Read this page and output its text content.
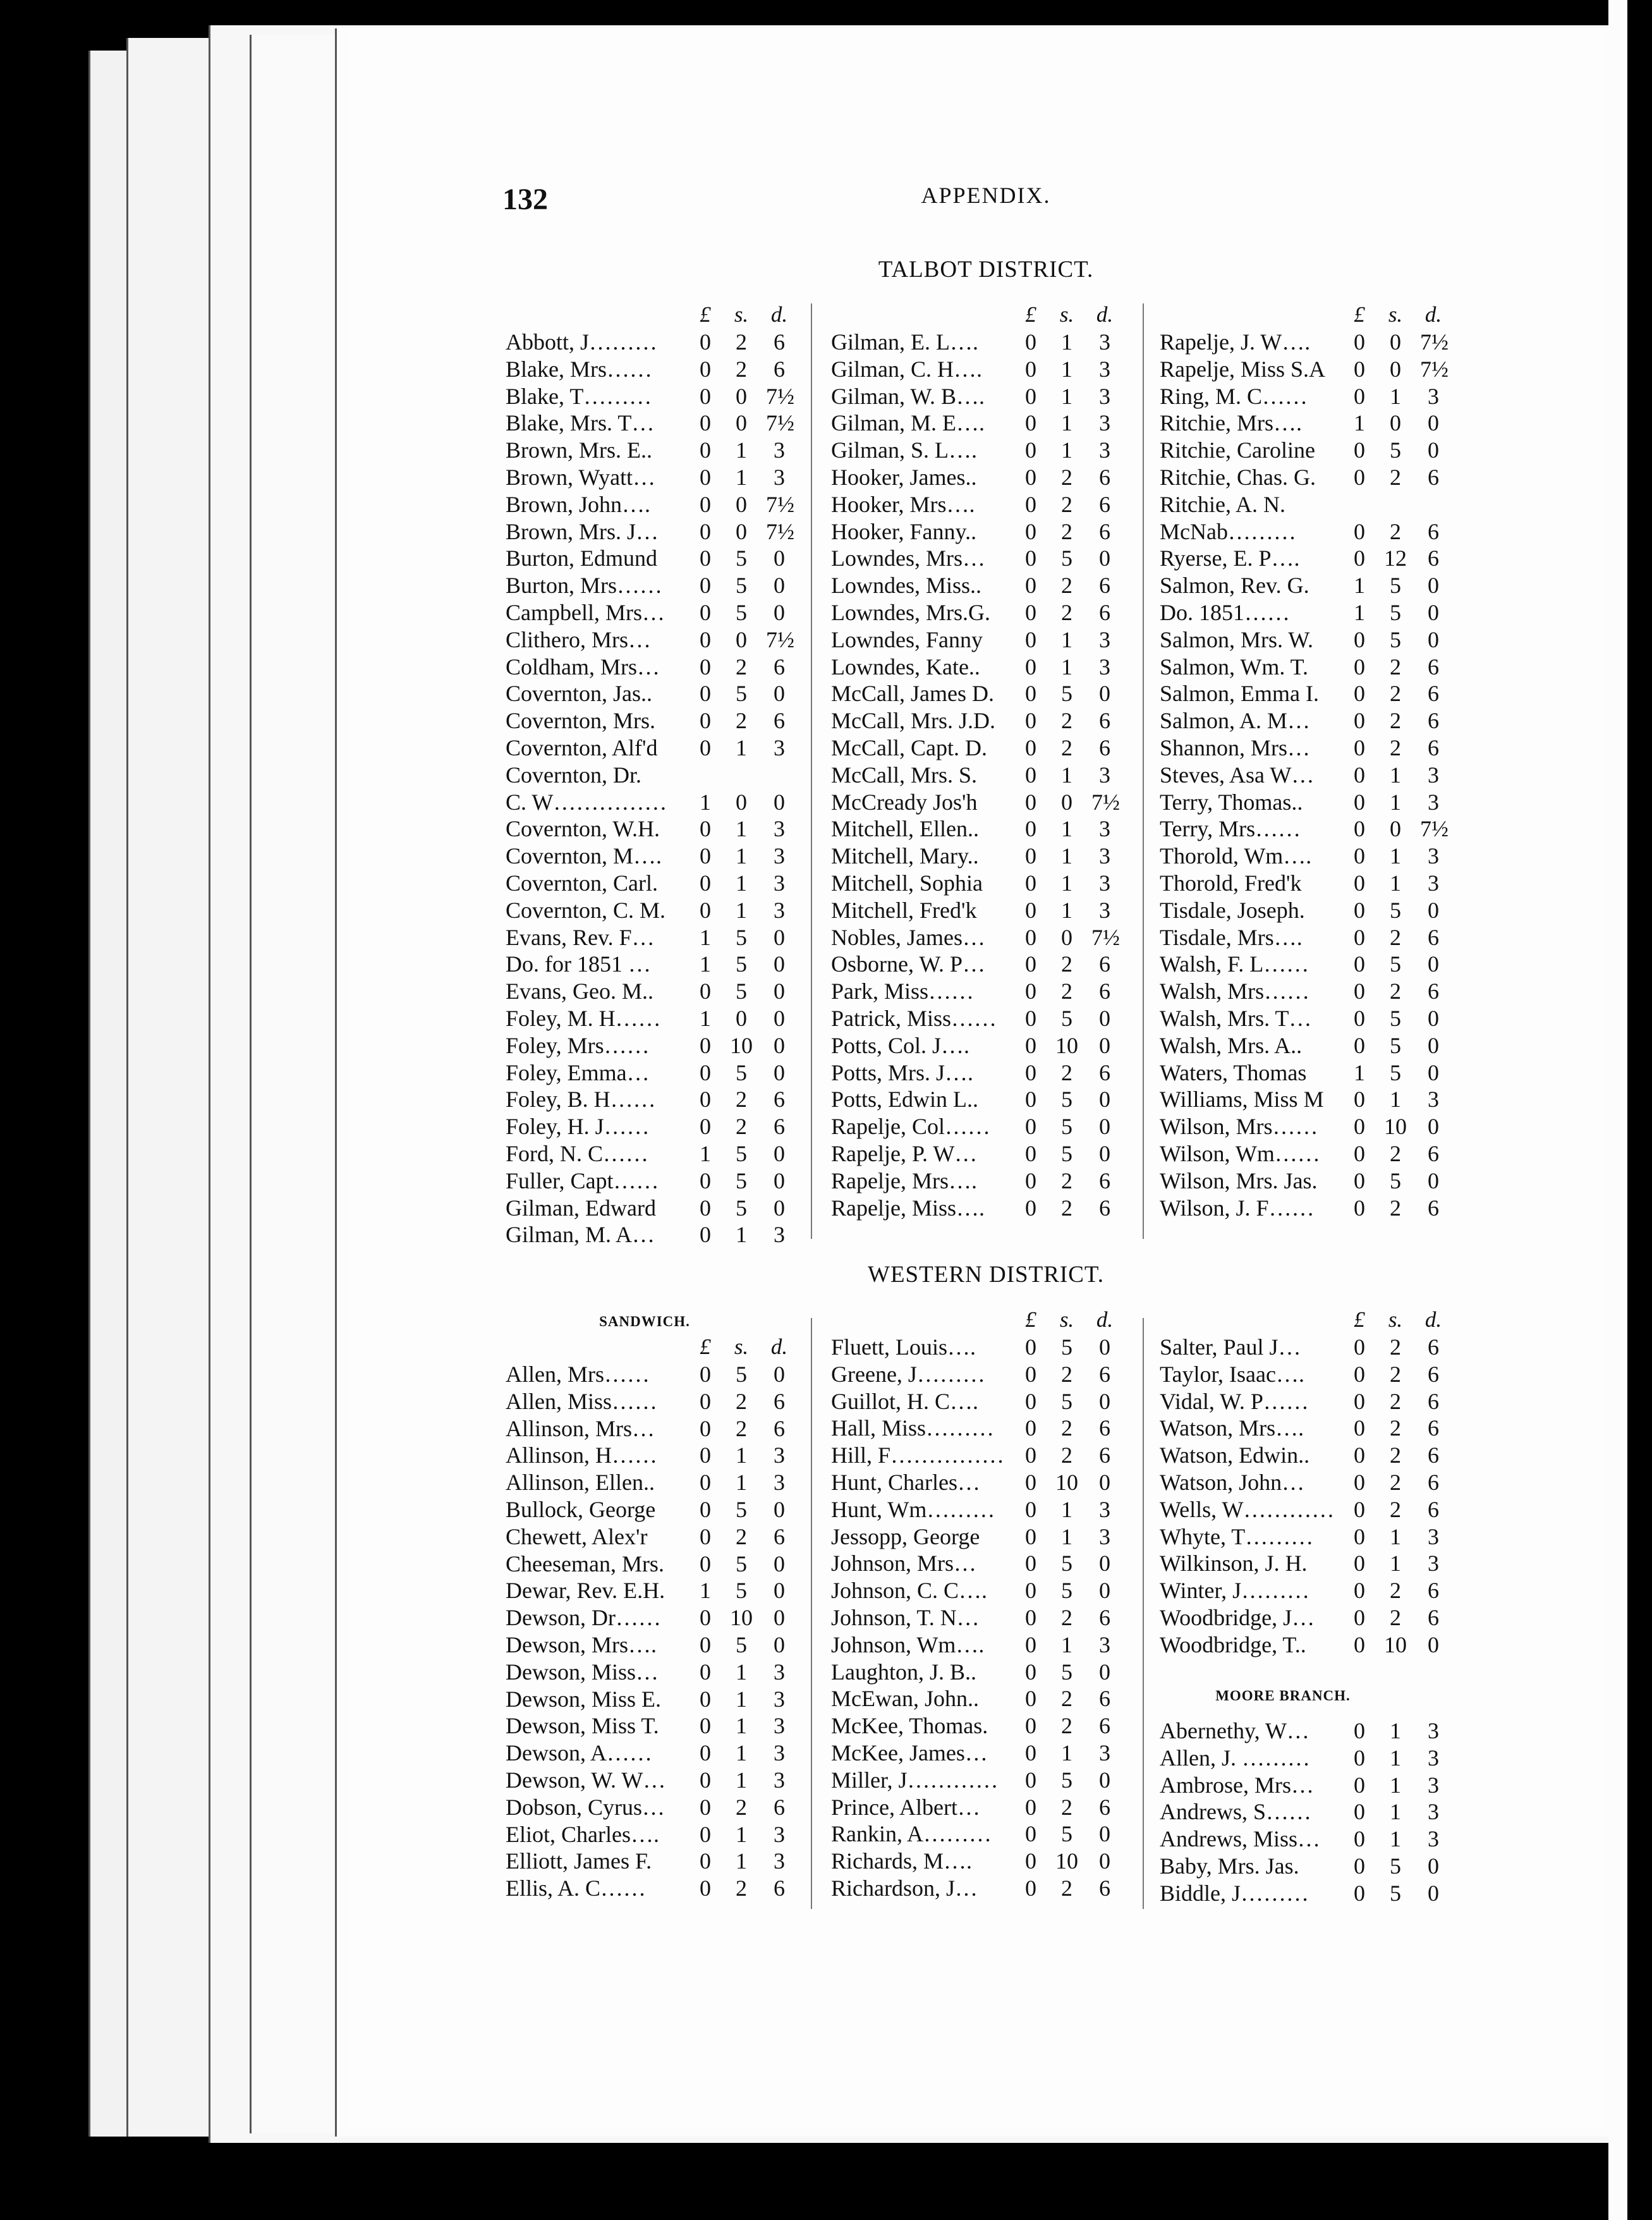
132	APPENDIX.
TALBOT DISTRICT.
WESTERN DISTRICT.
SANDWICH.
MOORE BRANCH.
£	s. d.
Abbott, J………	0	2	6
Blake, Mrs……	0	2	6
Blake, T………	0	0 7½
Blake, Mrs. T…	0	0 7½
Brown, Mrs. E..	0	1	3
Brown, Wyatt…	0	1	3
Brown, John….	0	0 7½
Brown, Mrs. J…	0	0 7½
Burton, Edmund	0	5	0
Burton, Mrs……	0	5	0
Campbell, Mrs…	0	5	0
Clithero, Mrs…	0	0 7½
Coldham, Mrs…	0	2	6
Covernton, Jas..	0	5	0
Covernton, Mrs.	0	2	6
Covernton, Alf'd	0	1	3
Covernton, Dr.
C. W……………	1	0	0
Covernton, W.H.	0	1	3
Covernton, M….	0	1	3
Covernton, Carl.	0	1	3
Covernton, C. M.	0	1	3
Evans, Rev. F…	1	5	0
Do. for 1851 …	1	5	0
Evans, Geo. M..	0	5	0
Foley, M. H……	1	0	0
Foley, Mrs……	0 10 0
Foley, Emma…	0	5	0
Foley, B. H……	0	2	6
Foley, H. J……	0	2	6
Ford, N. C……	1	5	0
Fuller, Capt……	0	5	0
Gilman, Edward	0	5	0
Gilman, M. A…	0	1	3
£	s. d.
Gilman, E. L….	0	1	3
Gilman, C. H….	0	1	3
Gilman, W. B….	0	1	3
Gilman, M. E….	0	1	3
Gilman, S. L….	0	1	3
Hooker, James..	0	2	6
Hooker, Mrs….	0	2	6
Hooker, Fanny..	0	2	6
Lowndes, Mrs…	0	5	0
Lowndes, Miss..	0	2	6
Lowndes, Mrs.G.	0	2	6
Lowndes, Fanny	0	1	3
Lowndes, Kate..	0	1	3
McCall, James D.	0	5	0
McCall, Mrs. J.D.	0	2	6
McCall, Capt. D.	0	2	6
McCall, Mrs. S.	0	1	3
McCready Jos'h	0	0 7½
Mitchell, Ellen..	0	1	3
Mitchell, Mary..	0	1	3
Mitchell, Sophia	0	1	3
Mitchell, Fred'k	0	1	3
Nobles, James…	0	0 7½
Osborne, W. P…	0	2	6
Park, Miss……	0	2	6
Patrick, Miss……	0	5	0
Potts, Col. J….	0 10 0
Potts, Mrs. J….	0	2	6
Potts, Edwin L..	0	5	0
Rapelje, Col……	0	5	0
Rapelje, P. W…	0	5	0
Rapelje, Mrs….	0	2	6
Rapelje, Miss….	0	2	6
£	s. d.
Rapelje, J. W….	0	0 7½
Rapelje, Miss S.A	0	0 7½
Ring, M. C……	0	1	3
Ritchie, Mrs….	1	0	0
Ritchie, Caroline	0	5	0
Ritchie, Chas. G.	0	2	6
Ritchie, A. N.
McNab………	0	2	6
Ryerse, E. P….	0 12 6
Salmon, Rev. G.	1	5	0
Do. 1851……	1	5	0
Salmon, Mrs. W.	0	5	0
Salmon, Wm. T.	0	2	6
Salmon, Emma I.	0	2	6
Salmon, A. M…	0	2	6
Shannon, Mrs…	0	2	6
Steves, Asa W…	0	1	3
Terry, Thomas..	0	1	3
Terry, Mrs……	0	0 7½
Thorold, Wm….	0	1	3
Thorold, Fred'k	0	1	3
Tisdale, Joseph.	0	5	0
Tisdale, Mrs….	0	2	6
Walsh, F. L……	0	5	0
Walsh, Mrs……	0	2	6
Walsh, Mrs. T…	0	5	0
Walsh, Mrs. A..	0	5	0
Waters, Thomas	1	5	0
Williams, Miss M	0	1	3
Wilson, Mrs……	0 10 0
Wilson, Wm……	0	2	6
Wilson, Mrs. Jas.	0	5	0
Wilson, J. F……	0	2	6
£	s. d.
Allen, Mrs……	0	5	0
Allen, Miss……	0	2	6
Allinson, Mrs…	0	2	6
Allinson, H……	0	1	3
Allinson, Ellen..	0	1	3
Bullock, George	0	5	0
Chewett, Alex'r	0	2	6
Cheeseman, Mrs.	0	5	0
Dewar, Rev. E.H.	1	5	0
Dewson, Dr……	0 10 0
Dewson, Mrs….	0	5	0
Dewson, Miss…	0	1	3
Dewson, Miss E.	0	1	3
Dewson, Miss T.	0	1	3
Dewson, A……	0	1	3
Dewson, W. W…	0	1	3
Dobson, Cyrus…	0	2	6
Eliot, Charles….	0	1	3
Elliott, James F.	0	1	3
Ellis, A. C……	0	2	6
£	s. d.
Fluett, Louis….	0	5	0
Greene, J………	0	2	6
Guillot, H. C….	0	5	0
Hall, Miss………	0	2	6
Hill, F…………… 0	2	6
Hunt, Charles…	0 10 0
Hunt, Wm………	0	1	3
Jessopp, George	0	1	3
Johnson, Mrs…	0	5	0
Johnson, C. C….	0	5	0
Johnson, T. N…	0	2	6
Johnson, Wm….	0	1	3
Laughton, J. B..	0	5	0
McEwan, John..	0	2	6
McKee, Thomas.	0	2	6
McKee, James…	0	1	3
Miller, J…………	0	5	0
Prince, Albert…	0	2	6
Rankin, A………	0	5	0
Richards, M….	0 10 0
Richardson, J…	0	2	6
£	s. d.
Salter, Paul J…	0	2	6
Taylor, Isaac….	0	2	6
Vidal, W. P……	0	2	6
Watson, Mrs….	0	2	6
Watson, Edwin..	0	2	6
Watson, John…	0	2	6
Wells, W………… 0	2	6
Whyte, T………	0	1	3
Wilkinson, J. H.	0	1	3
Winter, J………	0	2	6
Woodbridge, J…	0	2	6
Woodbridge, T..	0 10 0
Abernethy, W…	0	1	3
Allen, J. ………	0	1	3
Ambrose, Mrs…	0	1	3
Andrews, S……	0	1	3
Andrews, Miss…	0	1	3
Baby, Mrs. Jas.	0	5	0
Biddle, J………	0	5	0
